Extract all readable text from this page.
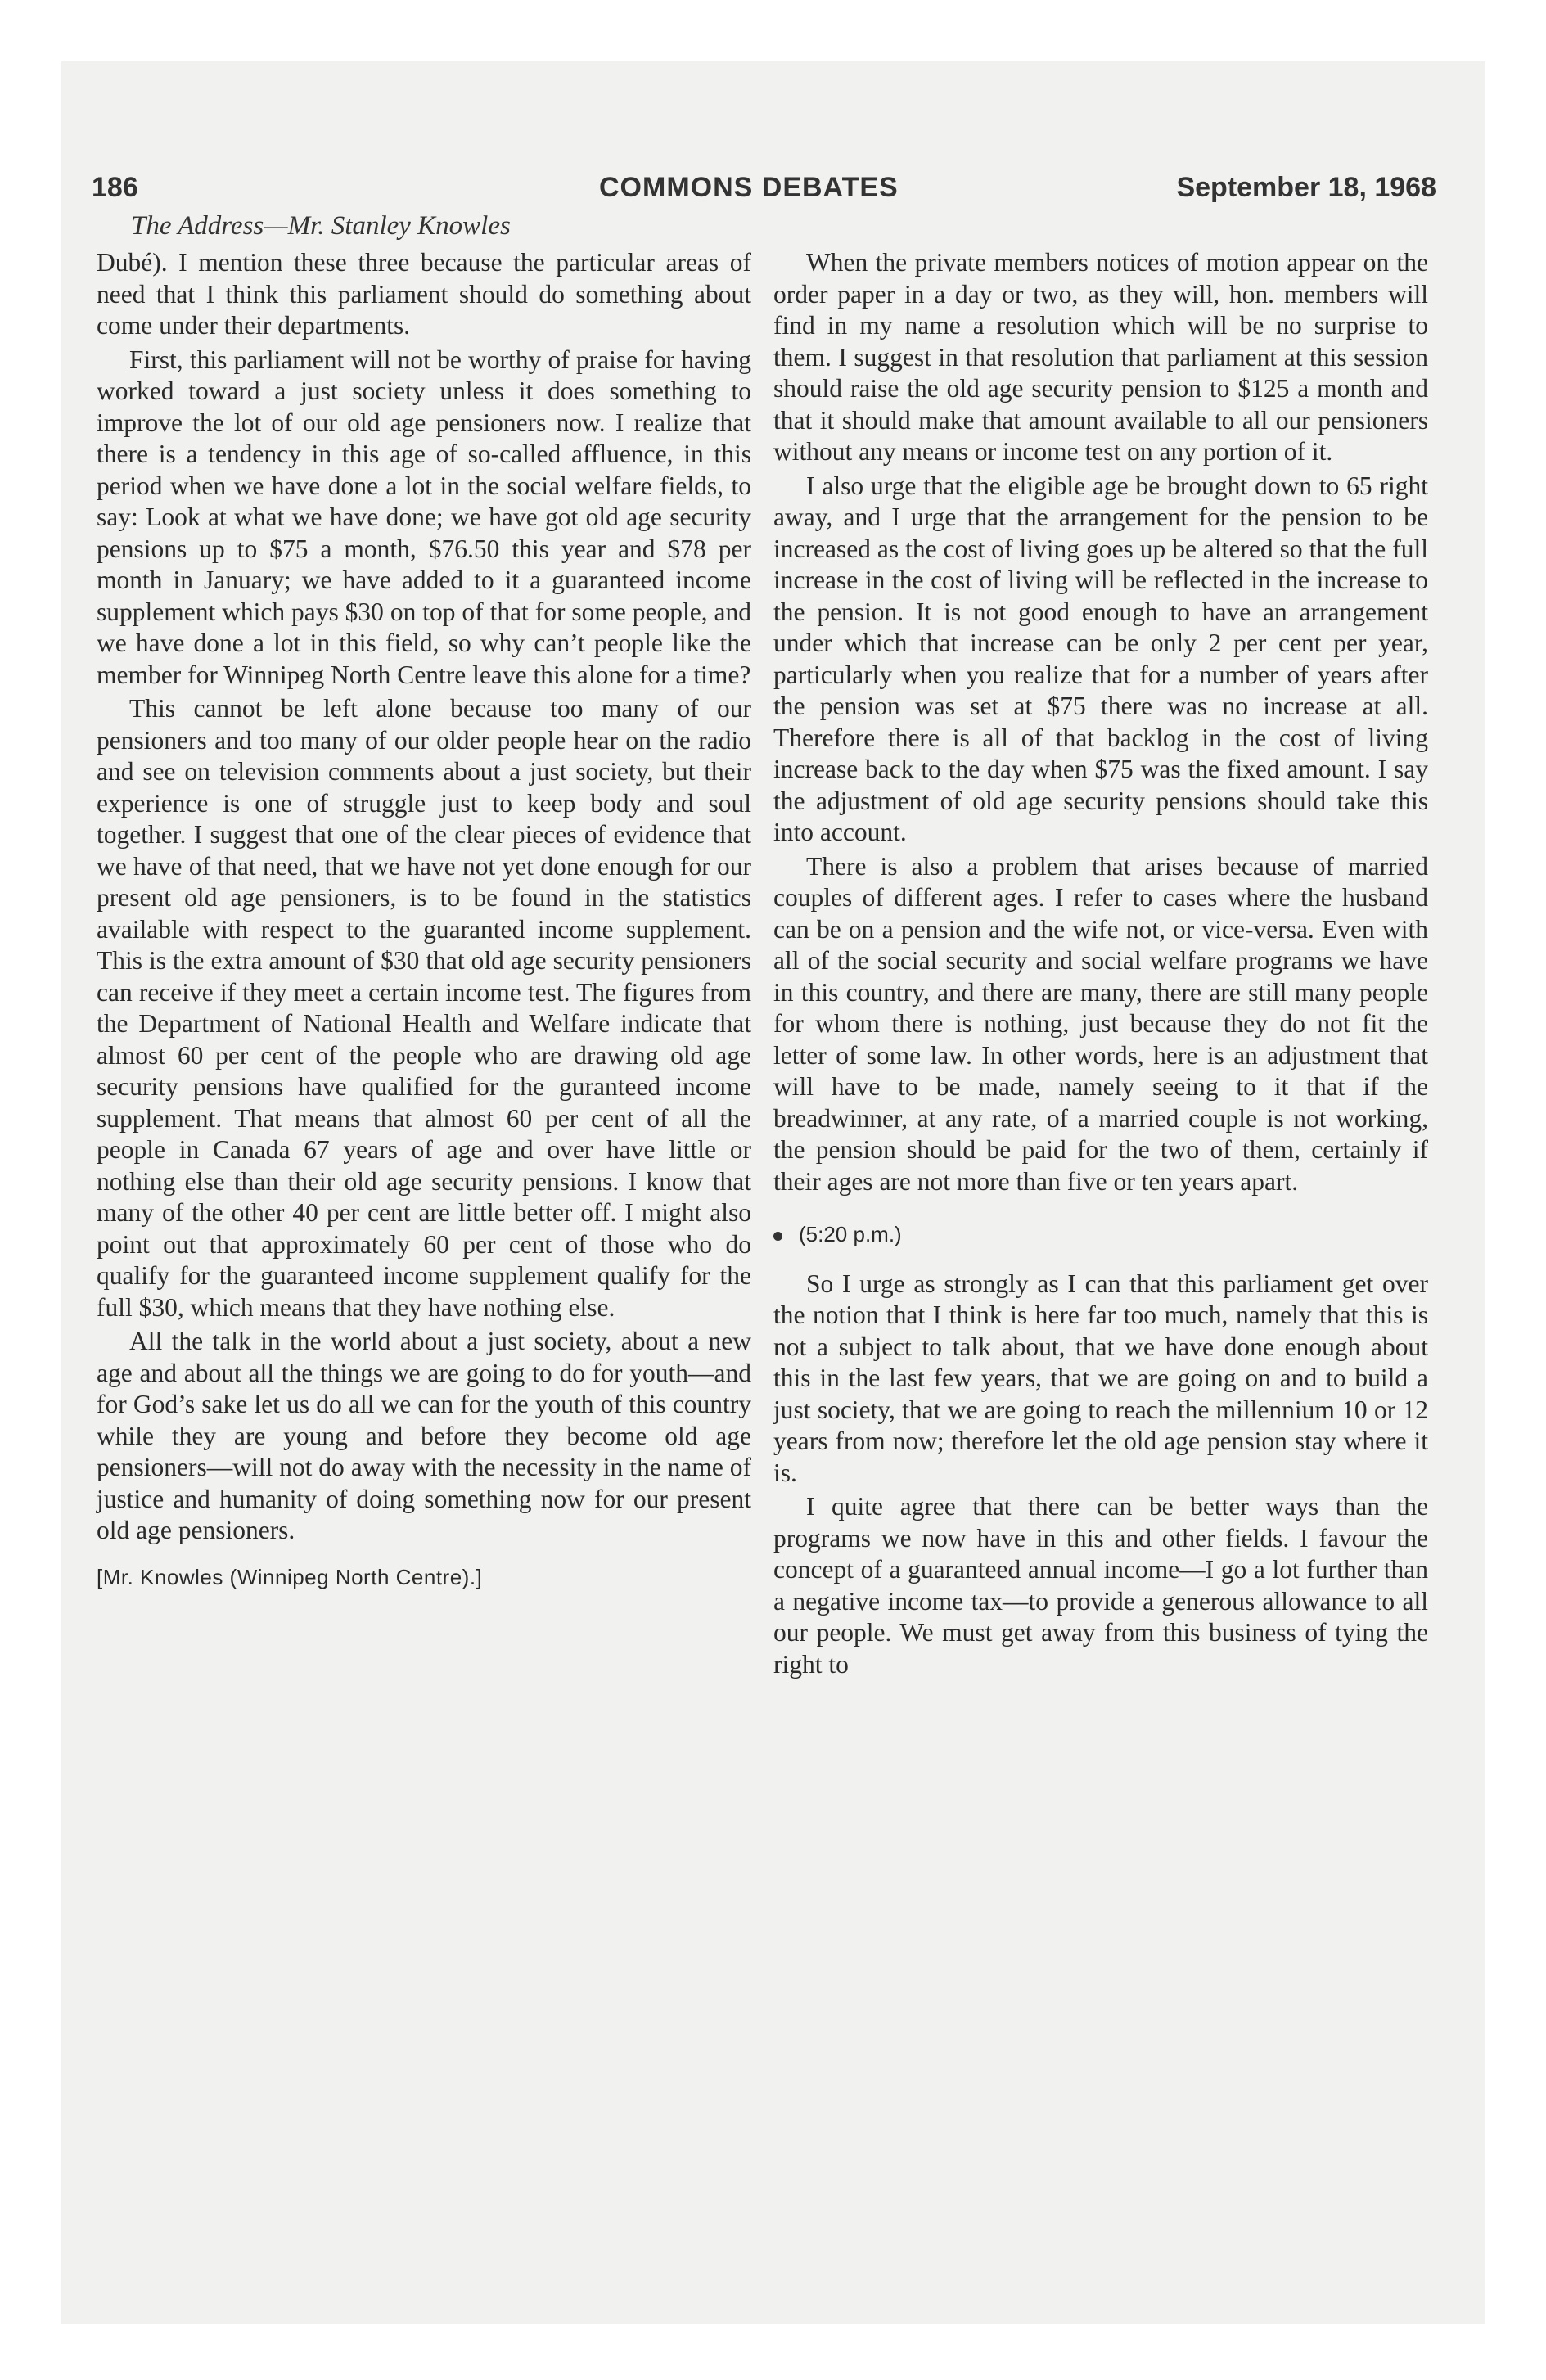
186	COMMONS DEBATES	September 18, 1968
The Address—Mr. Stanley Knowles

Dubé). I mention these three because the particular areas of need that I think this parliament should do something about come under their departments.

First, this parliament will not be worthy of praise for having worked toward a just society unless it does something to improve the lot of our old age pensioners now. I realize that there is a tendency in this age of so-called affluence, in this period when we have done a lot in the social welfare fields, to say: Look at what we have done; we have got old age security pensions up to $75 a month, $76.50 this year and $78 per month in January; we have added to it a guaranteed income supplement which pays $30 on top of that for some people, and we have done a lot in this field, so why can’t people like the member for Winnipeg North Centre leave this alone for a time?

This cannot be left alone because too many of our pensioners and too many of our older people hear on the radio and see on television comments about a just society, but their experience is one of struggle just to keep body and soul together. I suggest that one of the clear pieces of evidence that we have of that need, that we have not yet done enough for our present old age pensioners, is to be found in the statistics available with respect to the guaranted income supplement. This is the extra amount of $30 that old age security pensioners can receive if they meet a certain income test. The figures from the Department of National Health and Welfare indicate that almost 60 per cent of the people who are drawing old age security pensions have qualified for the guranteed income supplement. That means that almost 60 per cent of all the people in Canada 67 years of age and over have little or nothing else than their old age security pensions. I know that many of the other 40 per cent are little better off. I might also point out that approximately 60 per cent of those who do qualify for the guaranteed income supplement qualify for the full $30, which means that they have nothing else.

All the talk in the world about a just society, about a new age and about all the things we are going to do for youth—and for God’s sake let us do all we can for the youth of this country while they are young and before they become old age pensioners—will not do away with the necessity in the name of justice and humanity of doing something now for our present old age pensioners.

[Mr. Knowles (Winnipeg North Centre).]

When the private members notices of motion appear on the order paper in a day or two, as they will, hon. members will find in my name a resolution which will be no surprise to them. I suggest in that resolution that parliament at this session should raise the old age security pension to $125 a month and that it should make that amount available to all our pensioners without any means or income test on any portion of it.

I also urge that the eligible age be brought down to 65 right away, and I urge that the arrangement for the pension to be increased as the cost of living goes up be altered so that the full increase in the cost of living will be reflected in the increase to the pension. It is not good enough to have an arrangement under which that increase can be only 2 per cent per year, particularly when you realize that for a number of years after the pension was set at $75 there was no increase at all. Therefore there is all of that backlog in the cost of living increase back to the day when $75 was the fixed amount. I say the adjustment of old age security pensions should take this into account.

There is also a problem that arises because of married couples of different ages. I refer to cases where the husband can be on a pension and the wife not, or vice-versa. Even with all of the social security and social welfare programs we have in this country, and there are many, there are still many people for whom there is nothing, just because they do not fit the letter of some law. In other words, here is an adjustment that will have to be made, namely seeing to it that if the breadwinner, at any rate, of a married couple is not working, the pension should be paid for the two of them, certainly if their ages are not more than five or ten years apart.

(5:20 p.m.)

So I urge as strongly as I can that this parliament get over the notion that I think is here far too much, namely that this is not a subject to talk about, that we have done enough about this in the last few years, that we are going on and to build a just society, that we are going to reach the millennium 10 or 12 years from now; therefore let the old age pension stay where it is.

I quite agree that there can be better ways than the programs we now have in this and other fields. I favour the concept of a guaranteed annual income—I go a lot further than a negative income tax—to provide a generous allowance to all our people. We must get away from this business of tying the right to
